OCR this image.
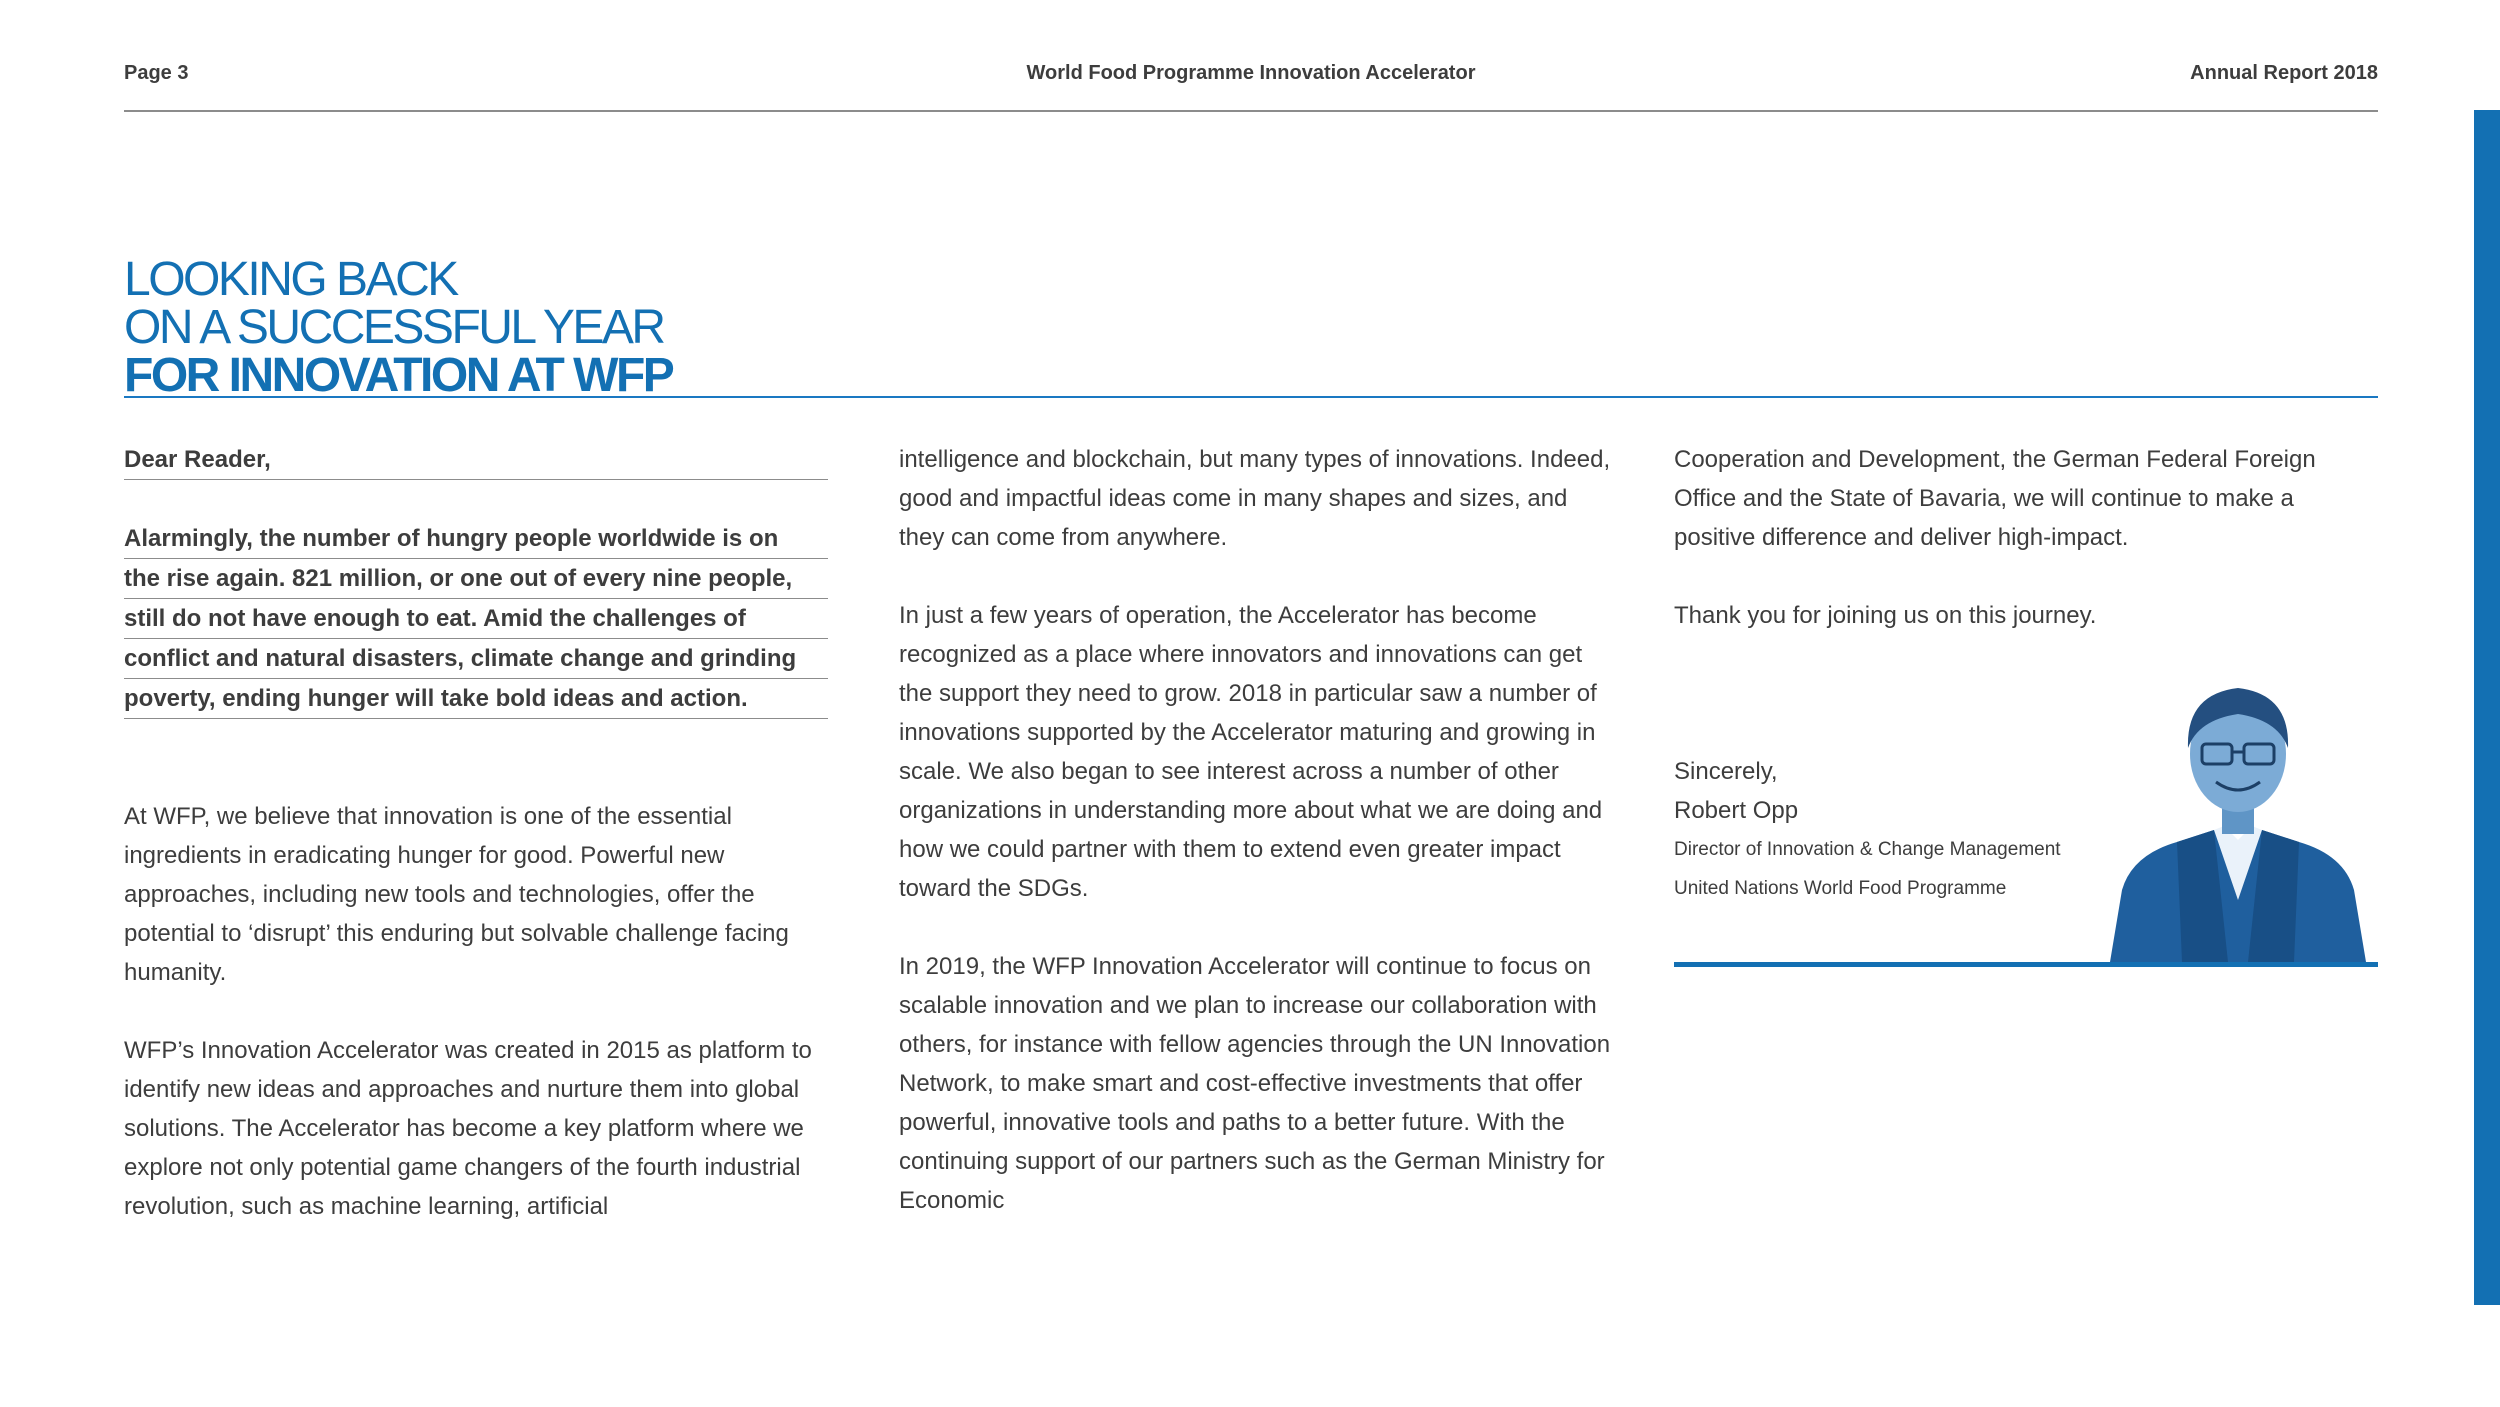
Page 3	World Food Programme Innovation Accelerator	Annual Report 2018
LOOKING BACK
ON A SUCCESSFUL YEAR
FOR INNOVATION AT WFP

Dear Reader,

Alarmingly, the number of hungry people worldwide is on
the rise again. 821 million, or one out of every nine people,
still do not have enough to eat. Amid the challenges of
conflict and natural disasters, climate change and grinding
poverty, ending hunger will take bold ideas and action.

At WFP, we believe that innovation is one of the essential ingredients in eradicating hunger for good. Powerful new approaches, including new tools and technologies, offer the potential to ‘disrupt’ this enduring but solvable challenge facing humanity.

WFP’s Innovation Accelerator was created in 2015 as platform to identify new ideas and approaches and nurture them into global solutions. The Accelerator has become a key platform where we explore not only potential game changers of the fourth industrial revolution, such as machine learning, artificial

intelligence and blockchain, but many types of innovations. Indeed, good and impactful ideas come in many shapes and sizes, and they can come from anywhere.

In just a few years of operation, the Accelerator has become recognized as a place where innovators and innovations can get the support they need to grow. 2018 in particular saw a number of innovations supported by the Accelerator maturing and growing in scale. We also began to see interest across a number of other organizations in understanding more about what we are doing and how we could partner with them to extend even greater impact toward the SDGs.

In 2019, the WFP Innovation Accelerator will continue to focus on scalable innovation and we plan to increase our collaboration with others, for instance with fellow agencies through the UN Innovation Network, to make smart and cost-effective investments that offer powerful, innovative tools and paths to a better future. With the continuing support of our partners such as the German Ministry for Economic

Cooperation and Development, the German Federal Foreign Office and the State of Bavaria, we will continue to make a positive difference and deliver high-impact.

Thank you for joining us on this journey.

Sincerely,

Robert Opp

Director of Innovation & Change Management

United Nations World Food Programme
